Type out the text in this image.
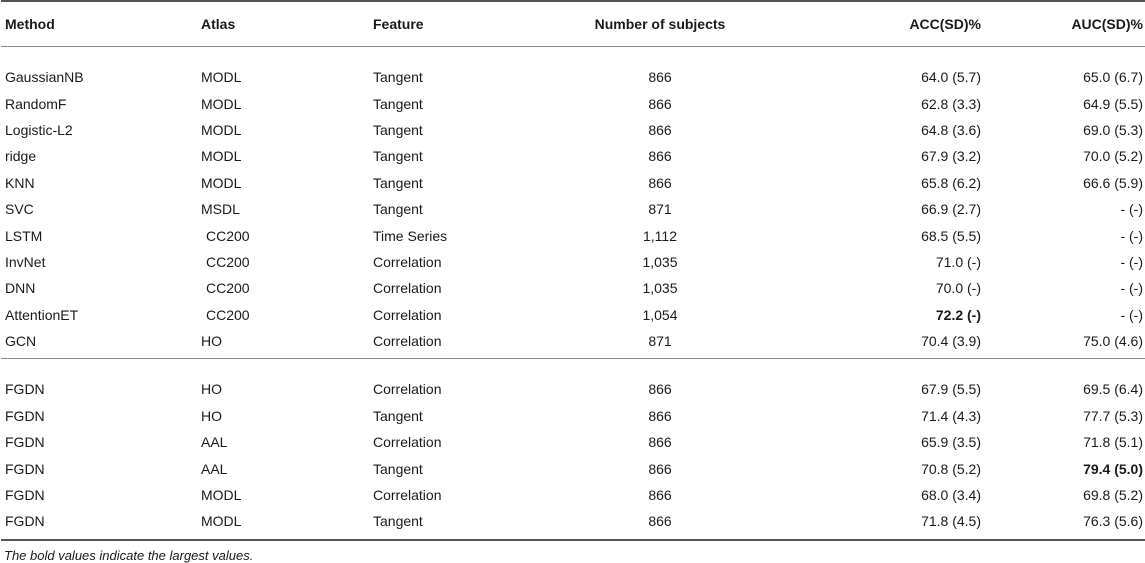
Method	Atlas	Feature	Number of subjects	ACC(SD)%	AUC(SD)%
GaussianNB	MODL	Tangent	866	64.0 (5.7)	65.0 (6.7)
RandomF	MODL	Tangent	866	62.8 (3.3)	64.9 (5.5)
Logistic-L2	MODL	Tangent	866	64.8 (3.6)	69.0 (5.3)
ridge	MODL	Tangent	866	67.9 (3.2)	70.0 (5.2)
KNN	MODL	Tangent	866	65.8 (6.2)	66.6 (5.9)
SVC	MSDL	Tangent	871	66.9 (2.7)	- (-)
LSTM	CC200	Time Series	1,112	68.5 (5.5)	- (-)
InvNet	CC200	Correlation	1,035	71.0 (-)	- (-)
DNN	CC200	Correlation	1,035	70.0 (-)	- (-)
AttentionET	CC200	Correlation	1,054	72.2 (-)	- (-)
GCN	HO	Correlation	871	70.4 (3.9)	75.0 (4.6)
FGDN	HO	Correlation	866	67.9 (5.5)	69.5 (6.4)
FGDN	HO	Tangent	866	71.4 (4.3)	77.7 (5.3)
FGDN	AAL	Correlation	866	65.9 (3.5)	71.8 (5.1)
FGDN	AAL	Tangent	866	70.8 (5.2)	79.4 (5.0)
FGDN	MODL	Correlation	866	68.0 (3.4)	69.8 (5.2)
FGDN	MODL	Tangent	866	71.8 (4.5)	76.3 (5.6)
The bold values indicate the largest values.
